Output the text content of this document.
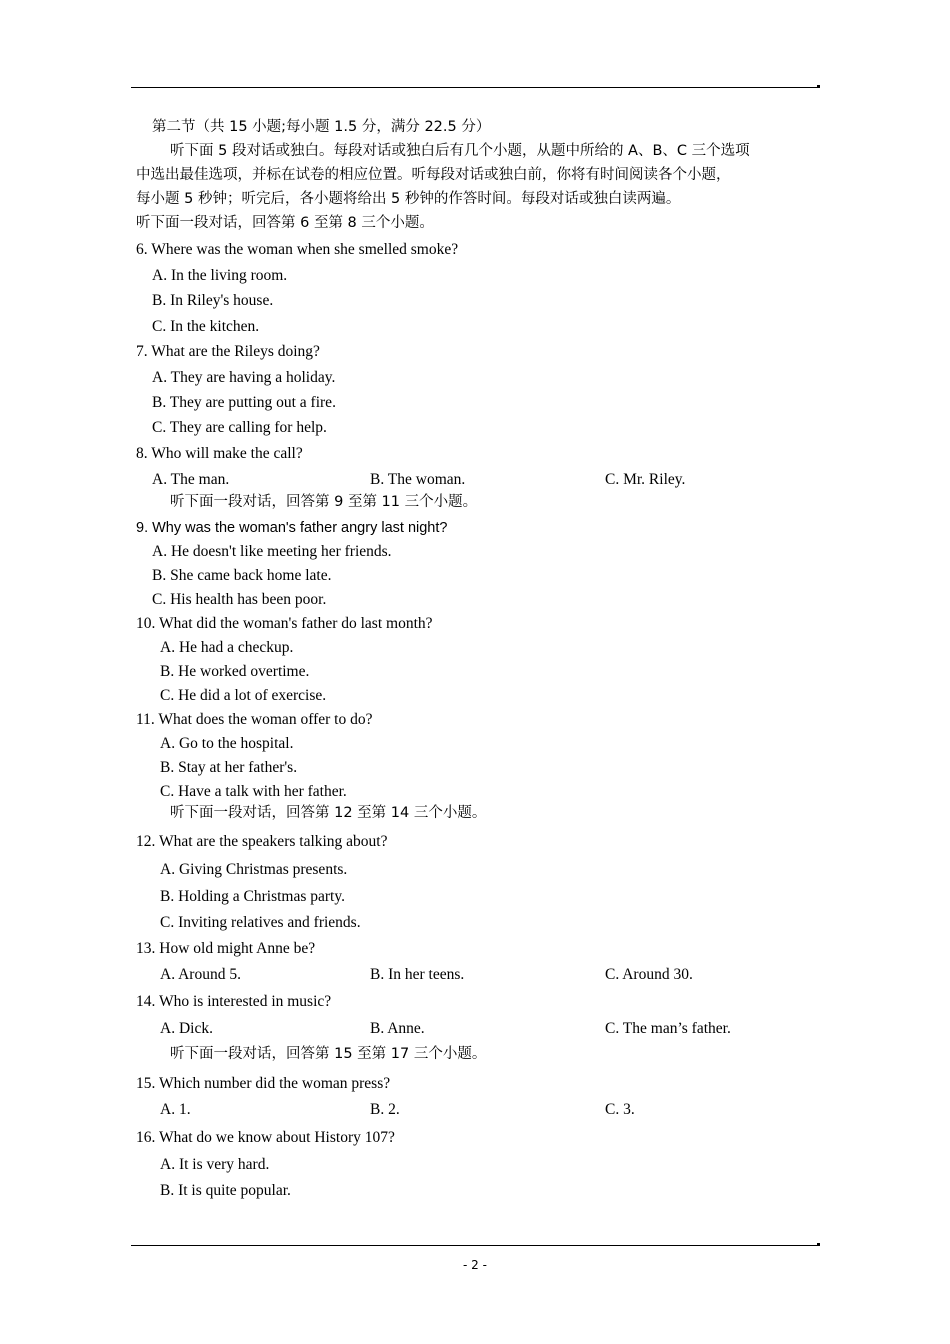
第二节（共 15 小题;每小题 1.5 分，满分 22.5 分）
听下面 5 段对话或独白。每段对话或独白后有几个小题，从题中所给的 A、B、C 三个选项
中选出最佳选项，并标在试卷的相应位置。听每段对话或独白前，你将有时间阅读各个小题，
每小题 5 秒钟；听完后，各小题将给出 5 秒钟的作答时间。每段对话或独白读两遍。
听下面一段对话，回答第 6 至第 8 三个小题。
6. Where was the woman when she smelled smoke?
A. In the living room.
B. In Riley's house.
C. In the kitchen.
7. What are the Rileys doing?
A. They are having a holiday.
B. They are putting out a fire.
C. They are calling for help.
8. Who will make the call?
A. The man.	B. The woman.	C. Mr. Riley.
听下面一段对话，回答第 9 至第 11 三个小题。
9. Why was the woman's father angry last night?
A. He doesn't like meeting her friends.
B. She came back home late.
C. His health has been poor.
10. What did the woman's father do last month?
A. He had a checkup.
B. He worked overtime.
C. He did a lot of exercise.
11. What does the woman offer to do?
A. Go to the hospital.
B. Stay at her father's.
C. Have a talk with her father.
听下面一段对话，回答第 12 至第 14 三个小题。
12. What are the speakers talking about?
A. Giving Christmas presents.
B. Holding a Christmas party.
C. Inviting relatives and friends.
13. How old might Anne be?
A. Around 5.	B. In her teens.	C. Around 30.
14. Who is interested in music?
A. Dick.	B. Anne.	C. The man’s father.
听下面一段对话，回答第 15 至第 17 三个小题。
15. Which number did the woman press?
A. 1.	B. 2.	C. 3.
16. What do we know about History 107?
A. It is very hard.
B. It is quite popular.
- 2 -
